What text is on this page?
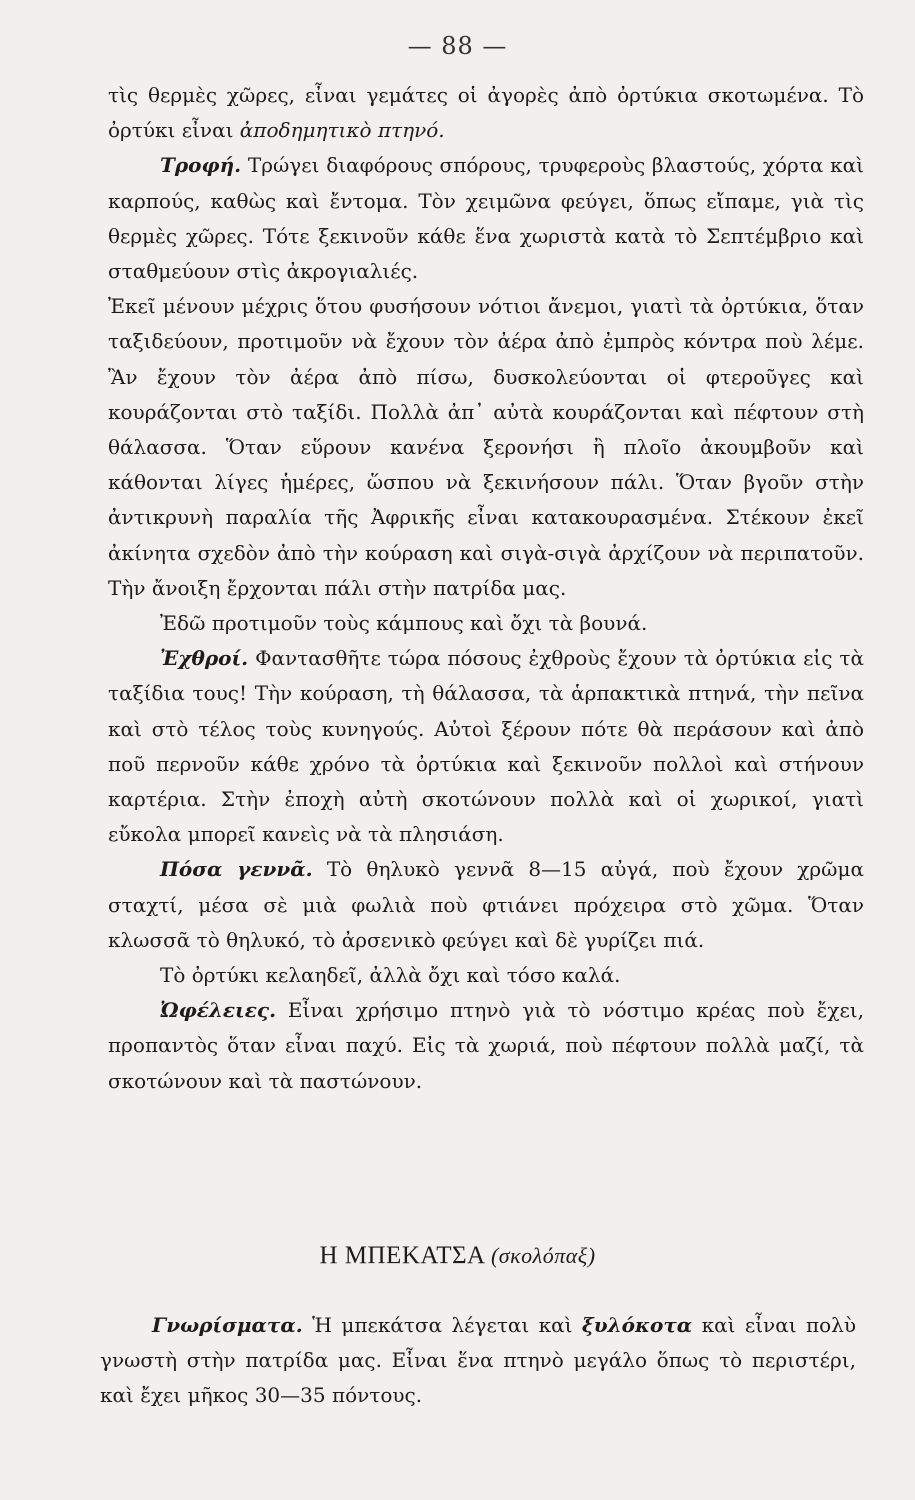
— 88 —

τὶς θερμὲς χῶρες, εἶναι γεμάτες οἱ ἀγορὲς ἀπὸ ὀρτύκια σκοτωμένα. Τὸ ὀρτύκι εἶναι ἀποδημητικὸ πτηνό.

Τροφή. Τρώγει διαφόρους σπόρους, τρυφεροὺς βλαστούς, χόρτα καὶ καρπούς, καθὼς καὶ ἔντομα. Τὸν χειμῶνα φεύγει, ὅπως εἴπαμε, γιὰ τὶς θερμὲς χῶρες. Τότε ξεκινοῦν κάθε ἕνα χωριστὰ κατὰ τὸ Σεπτέμβριο καὶ σταθμεύουν στὶς ἀκρογιαλιές.

Ἐκεῖ μένουν μέχρις ὅτου φυσήσουν νότιοι ἄνεμοι, γιατὶ τὰ ὀρτύκια, ὅταν ταξιδεύουν, προτιμοῦν νὰ ἔχουν τὸν ἀέρα ἀπὸ ἐμπρὸς κόντρα ποὺ λέμε. Ἂν ἔχουν τὸν ἀέρα ἀπὸ πίσω, δυσκολεύονται οἱ φτεροῦγες καὶ κουράζονται στὸ ταξίδι. Πολλὰ ἀπ᾿ αὐτὰ κουράζονται καὶ πέφτουν στὴ θάλασσα. Ὅταν εὕρουν κανένα ξερονήσι ἢ πλοῖο ἀκουμβοῦν καὶ κάθονται λίγες ἡμέρες, ὥσπου νὰ ξεκινήσουν πάλι. Ὅταν βγοῦν στὴν ἀντικρυνὴ παραλία τῆς Ἀφρικῆς εἶναι κατακουρασμένα. Στέκουν ἐκεῖ ἀκίνητα σχεδὸν ἀπὸ τὴν κούραση καὶ σιγὰ-σιγὰ ἀρχίζουν νὰ περιπατοῦν. Τὴν ἄνοιξη ἔρχονται πάλι στὴν πατρίδα μας.

Ἐδῶ προτιμοῦν τοὺς κάμπους καὶ ὄχι τὰ βουνά.

Ἐχθροί. Φαντασθῆτε τώρα πόσους ἐχθροὺς ἔχουν τὰ ὀρτύκια εἰς τὰ ταξίδια τους! Τὴν κούραση, τὴ θάλασσα, τὰ ἁρπακτικὰ πτηνά, τὴν πεῖνα καὶ στὸ τέλος τοὺς κυνηγούς. Αὐτοὶ ξέρουν πότε θὰ περάσουν καὶ ἀπὸ ποῦ περνοῦν κάθε χρόνο τὰ ὀρτύκια καὶ ξεκινοῦν πολλοὶ καὶ στήνουν καρτέρια. Στὴν ἐποχὴ αὐτὴ σκοτώνουν πολλὰ καὶ οἱ χωρικοί, γιατὶ εὔκολα μπορεῖ κανεὶς νὰ τὰ πλησιάση.

Πόσα γεννᾶ. Τὸ θηλυκὸ γεννᾶ 8—15 αὐγά, ποὺ ἔχουν χρῶμα σταχτί, μέσα σὲ μιὰ φωλιὰ ποὺ φτιάνει πρόχειρα στὸ χῶμα. Ὅταν κλωσσᾶ τὸ θηλυκό, τὸ ἀρσενικὸ φεύγει καὶ δὲ γυρίζει πιά.

Τὸ ὀρτύκι κελαηδεῖ, ἀλλὰ ὄχι καὶ τόσο καλά.

Ὠφέλειες. Εἶναι χρήσιμο πτηνὸ γιὰ τὸ νόστιμο κρέας ποὺ ἔχει, προπαντὸς ὅταν εἶναι παχύ. Εἰς τὰ χωριά, ποὺ πέφτουν πολλὰ μαζί, τὰ σκοτώνουν καὶ τὰ παστώνουν.

Η ΜΠΕΚΑΤΣΑ (σκολόπαξ)

Γνωρίσματα. Ἡ μπεκάτσα λέγεται καὶ ξυλόκοτα καὶ εἶναι πολὺ γνωστὴ στὴν πατρίδα μας. Εἶναι ἕνα πτηνὸ μεγάλο ὅπως τὸ περιστέρι, καὶ ἔχει μῆκος 30—35 πόντους.
